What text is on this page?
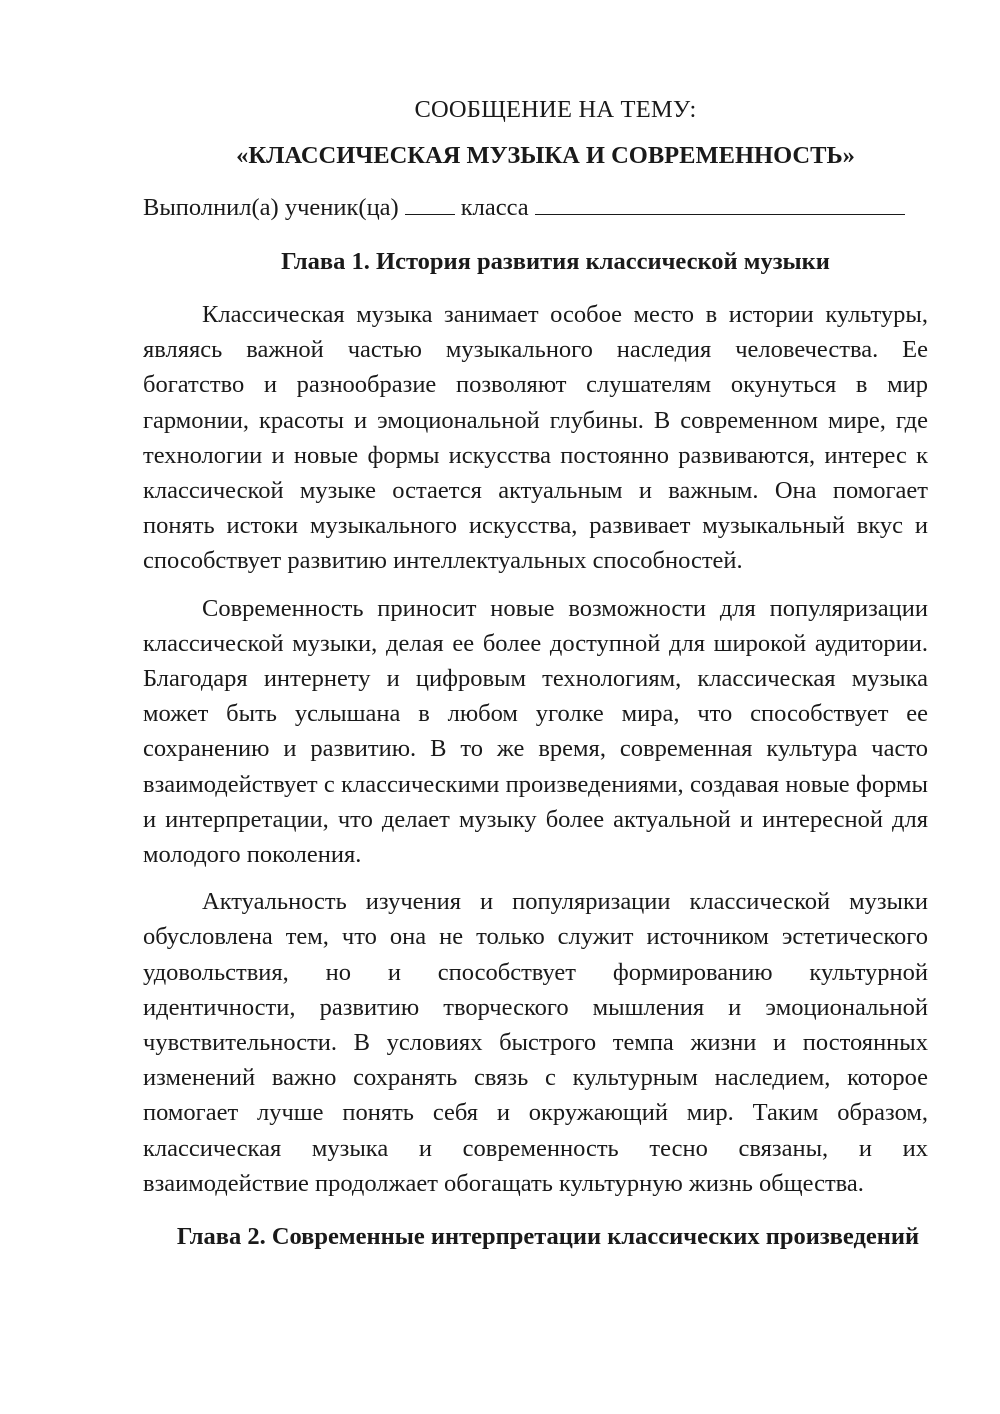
СООБЩЕНИЕ НА ТЕМУ:

«КЛАССИЧЕСКАЯ МУЗЫКА И СОВРЕМЕННОСТЬ»

Выполнил(а) ученик(ца)	класса

Глава 1. История развития классической музыки

Классическая музыка занимает особое место в истории культуры, являясь важной частью музыкального наследия человечества. Ее богатство и разнообразие позволяют слушателям окунуться в мир гармонии, красоты и эмоциональной глубины. В современном мире, где технологии и новые формы искусства постоянно развиваются, интерес к классической музыке остается актуальным и важным. Она помогает понять истоки музыкального искусства, развивает музыкальный вкус и способствует развитию интеллектуальных способностей.

Современность приносит новые возможности для популяризации классической музыки, делая ее более доступной для широкой аудитории. Благодаря интернету и цифровым технологиям, классическая музыка может быть услышана в любом уголке мира, что способствует ее сохранению и развитию. В то же время, современная культура часто взаимодействует с классическими произведениями, создавая новые формы и интерпретации, что делает музыку более актуальной и интересной для молодого поколения.

Актуальность изучения и популяризации классической музыки обусловлена тем, что она не только служит источником эстетического удовольствия, но и способствует формированию культурной идентичности, развитию творческого мышления и эмоциональной чувствительности. В условиях быстрого темпа жизни и постоянных изменений важно сохранять связь с культурным наследием, которое помогает лучше понять себя и окружающий мир. Таким образом, классическая музыка и современность тесно связаны, и их взаимодействие продолжает обогащать культурную жизнь общества.

Глава 2. Современные интерпретации классических произведений
